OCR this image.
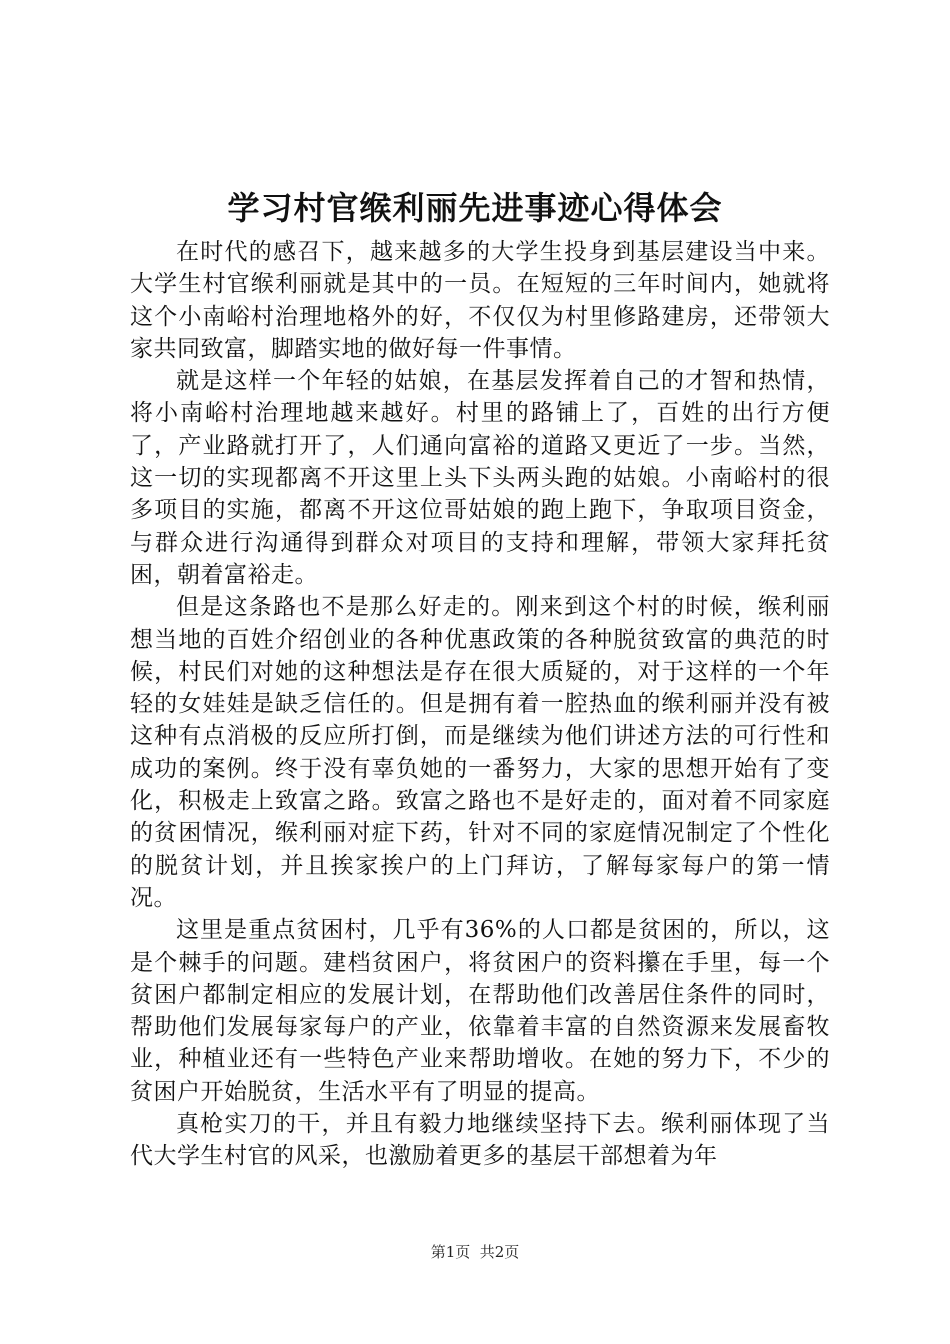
学习村官缑利丽先进事迹心得体会

在时代的感召下，越来越多的大学生投身到基层建设当中来。大学生村官缑利丽就是其中的一员。在短短的三年时间内，她就将这个小南峪村治理地格外的好，不仅仅为村里修路建房，还带领大家共同致富，脚踏实地的做好每一件事情。

就是这样一个年轻的姑娘，在基层发挥着自己的才智和热情，将小南峪村治理地越来越好。村里的路铺上了，百姓的出行方便了，产业路就打开了，人们通向富裕的道路又更近了一步。当然，这一切的实现都离不开这里上头下头两头跑的姑娘。小南峪村的很多项目的实施，都离不开这位哥姑娘的跑上跑下，争取项目资金，与群众进行沟通得到群众对项目的支持和理解，带领大家拜托贫困，朝着富裕走。

但是这条路也不是那么好走的。刚来到这个村的时候，缑利丽想当地的百姓介绍创业的各种优惠政策的各种脱贫致富的典范的时候，村民们对她的这种想法是存在很大质疑的，对于这样的一个年轻的女娃娃是缺乏信任的。但是拥有着一腔热血的缑利丽并没有被这种有点消极的反应所打倒，而是继续为他们讲述方法的可行性和成功的案例。终于没有辜负她的一番努力，大家的思想开始有了变化，积极走上致富之路。致富之路也不是好走的，面对着不同家庭的贫困情况，缑利丽对症下药，针对不同的家庭情况制定了个性化的脱贫计划，并且挨家挨户的上门拜访，了解每家每户的第一情况。

这里是重点贫困村，几乎有36%的人口都是贫困的，所以，这是个棘手的问题。建档贫困户，将贫困户的资料攥在手里，每一个贫困户都制定相应的发展计划，在帮助他们改善居住条件的同时，帮助他们发展每家每户的产业，依靠着丰富的自然资源来发展畜牧业，种植业还有一些特色产业来帮助增收。在她的努力下，不少的贫困户开始脱贫，生活水平有了明显的提高。

真枪实刀的干，并且有毅力地继续坚持下去。缑利丽体现了当代大学生村官的风采，也激励着更多的基层干部想着为年

第1页  共2页
